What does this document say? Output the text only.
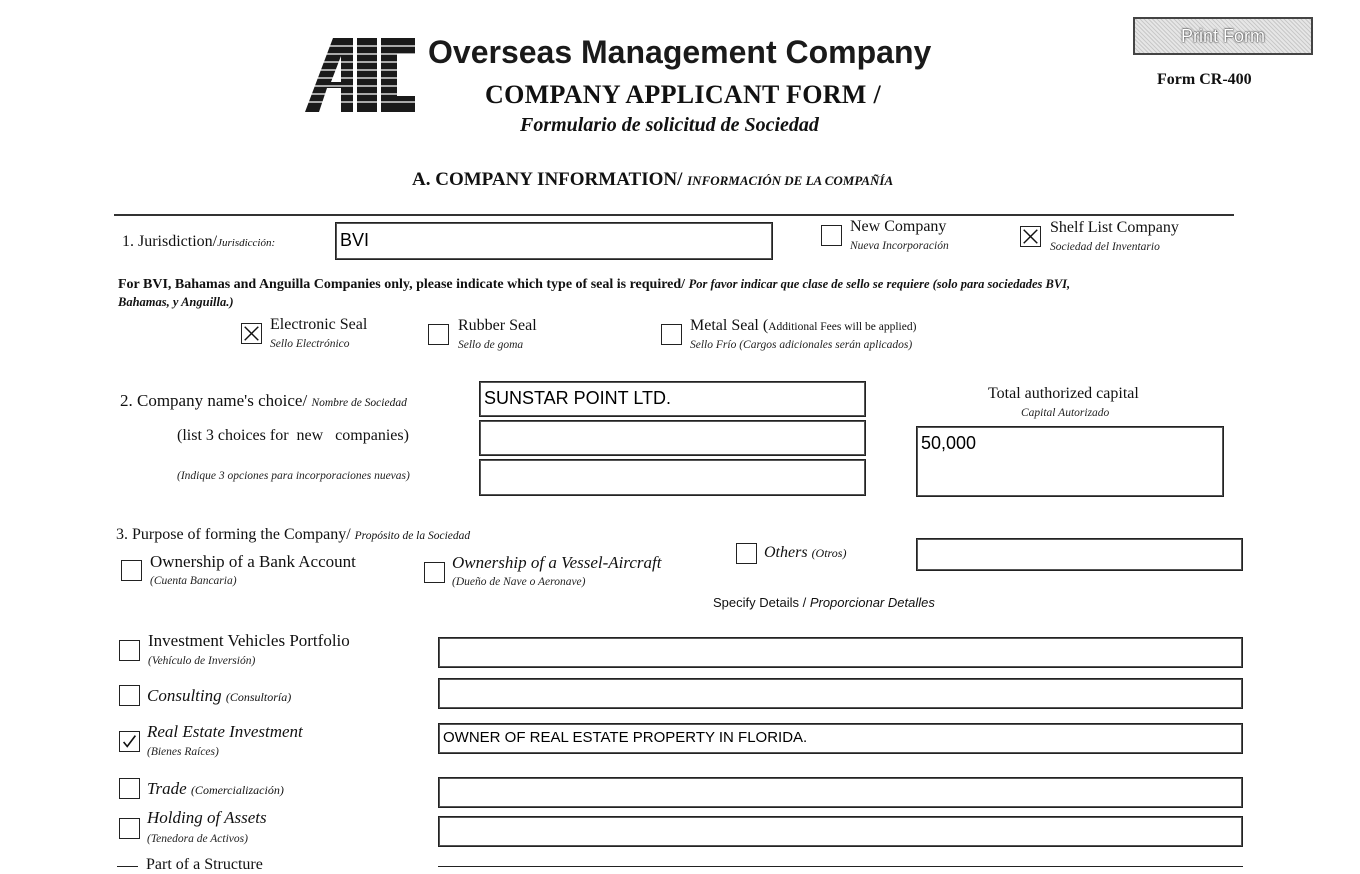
Overseas Management Company
COMPANY APPLICANT FORM /
Formulario de solicitud de Sociedad
Print Form
Form CR-400
A. COMPANY INFORMATION/ INFORMACIÓN DE LA COMPAÑÍA
1. Jurisdiction/Jurisdicción:	BVI
New Company
Nueva Incorporación
Shelf List Company
Sociedad del Inventario
For BVI, Bahamas and Anguilla Companies only, please indicate which type of seal is required/ Por favor indicar que clase de sello se requiere (solo para sociedades BVI,
Bahamas, y Anguilla.)
Electronic Seal
Sello Electrónico
Rubber Seal
Sello de goma
Metal Seal (Additional Fees will be applied)
Sello Frío (Cargos adicionales serán aplicados)
2. Company name's choice/ Nombre de Sociedad
(list 3 choices for  new   companies)
(Indique 3 opciones para incorporaciones nuevas)
SUNSTAR POINT LTD.	Total authorized capital
Capital Autorizado
50,000
3. Purpose of forming the Company/ Propósito de la Sociedad
Ownership of a Bank Account
(Cuenta Bancaria)
Ownership of a Vessel-Aircraft
(Dueño de Nave o Aeronave)
Others (Otros)
Specify Details / Proporcionar Detalles
Investment Vehicles Portfolio
(Vehículo de Inversión)
Consulting (Consultoría)
Real Estate Investment
(Bienes Raíces)
OWNER OF REAL ESTATE PROPERTY IN FLORIDA.
Trade (Comercialización)
Holding of Assets
(Tenedora de Activos)
Part of a Structure
